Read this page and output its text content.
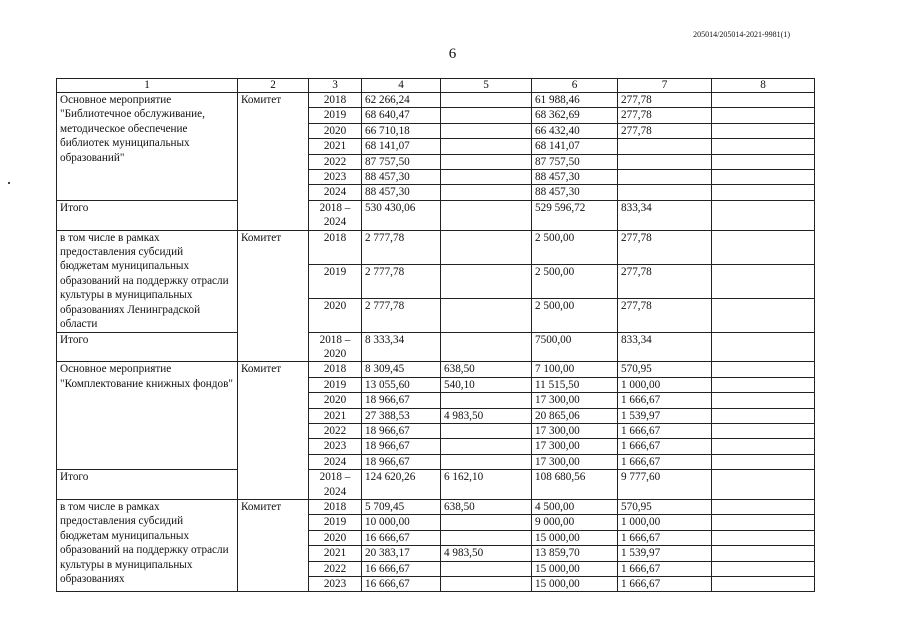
205014/205014-2021-9981(1)
6
1	2	3	4	5	6	7	8
Основное мероприятие "Библиотечное обслуживание, методическое обеспечение библиотек муниципальных образований"	Комитет	2018	62 266,24		61 988,46	277,78	
		2019	68 640,47		68 362,69	277,78	
		2020	66 710,18		66 432,40	277,78	
		2021	68 141,07		68 141,07		
		2022	87 757,50		87 757,50		
		2023	88 457,30		88 457,30		
		2024	88 457,30		88 457,30		
Итого		2018 – 2024	530 430,06		529 596,72	833,34	
в том числе в рамках предоставления субсидий бюджетам муниципальных образований на поддержку отрасли культуры в муниципальных образованиях Ленинградской области	Комитет	2018	2 777,78		2 500,00	277,78	
		2019	2 777,78		2 500,00	277,78	
		2020	2 777,78		2 500,00	277,78	
Итого		2018 – 2020	8 333,34		7500,00	833,34	
Основное мероприятие "Комплектование книжных фондов"	Комитет	2018	8 309,45	638,50	7 100,00	570,95	
		2019	13 055,60	540,10	11 515,50	1 000,00	
		2020	18 966,67		17 300,00	1 666,67	
		2021	27 388,53	4 983,50	20 865,06	1 539,97	
		2022	18 966,67		17 300,00	1 666,67	
		2023	18 966,67		17 300,00	1 666,67	
		2024	18 966,67		17 300,00	1 666,67	
Итого		2018 – 2024	124 620,26	6 162,10	108 680,56	9 777,60	
в том числе в рамках предоставления субсидий бюджетам муниципальных образований на поддержку отрасли культуры в муниципальных образованиях	Комитет	2018	5 709,45	638,50	4 500,00	570,95	
		2019	10 000,00		9 000,00	1 000,00	
		2020	16 666,67		15 000,00	1 666,67	
		2021	20 383,17	4 983,50	13 859,70	1 539,97	
		2022	16 666,67		15 000,00	1 666,67	
		2023	16 666,67		15 000,00	1 666,67	
